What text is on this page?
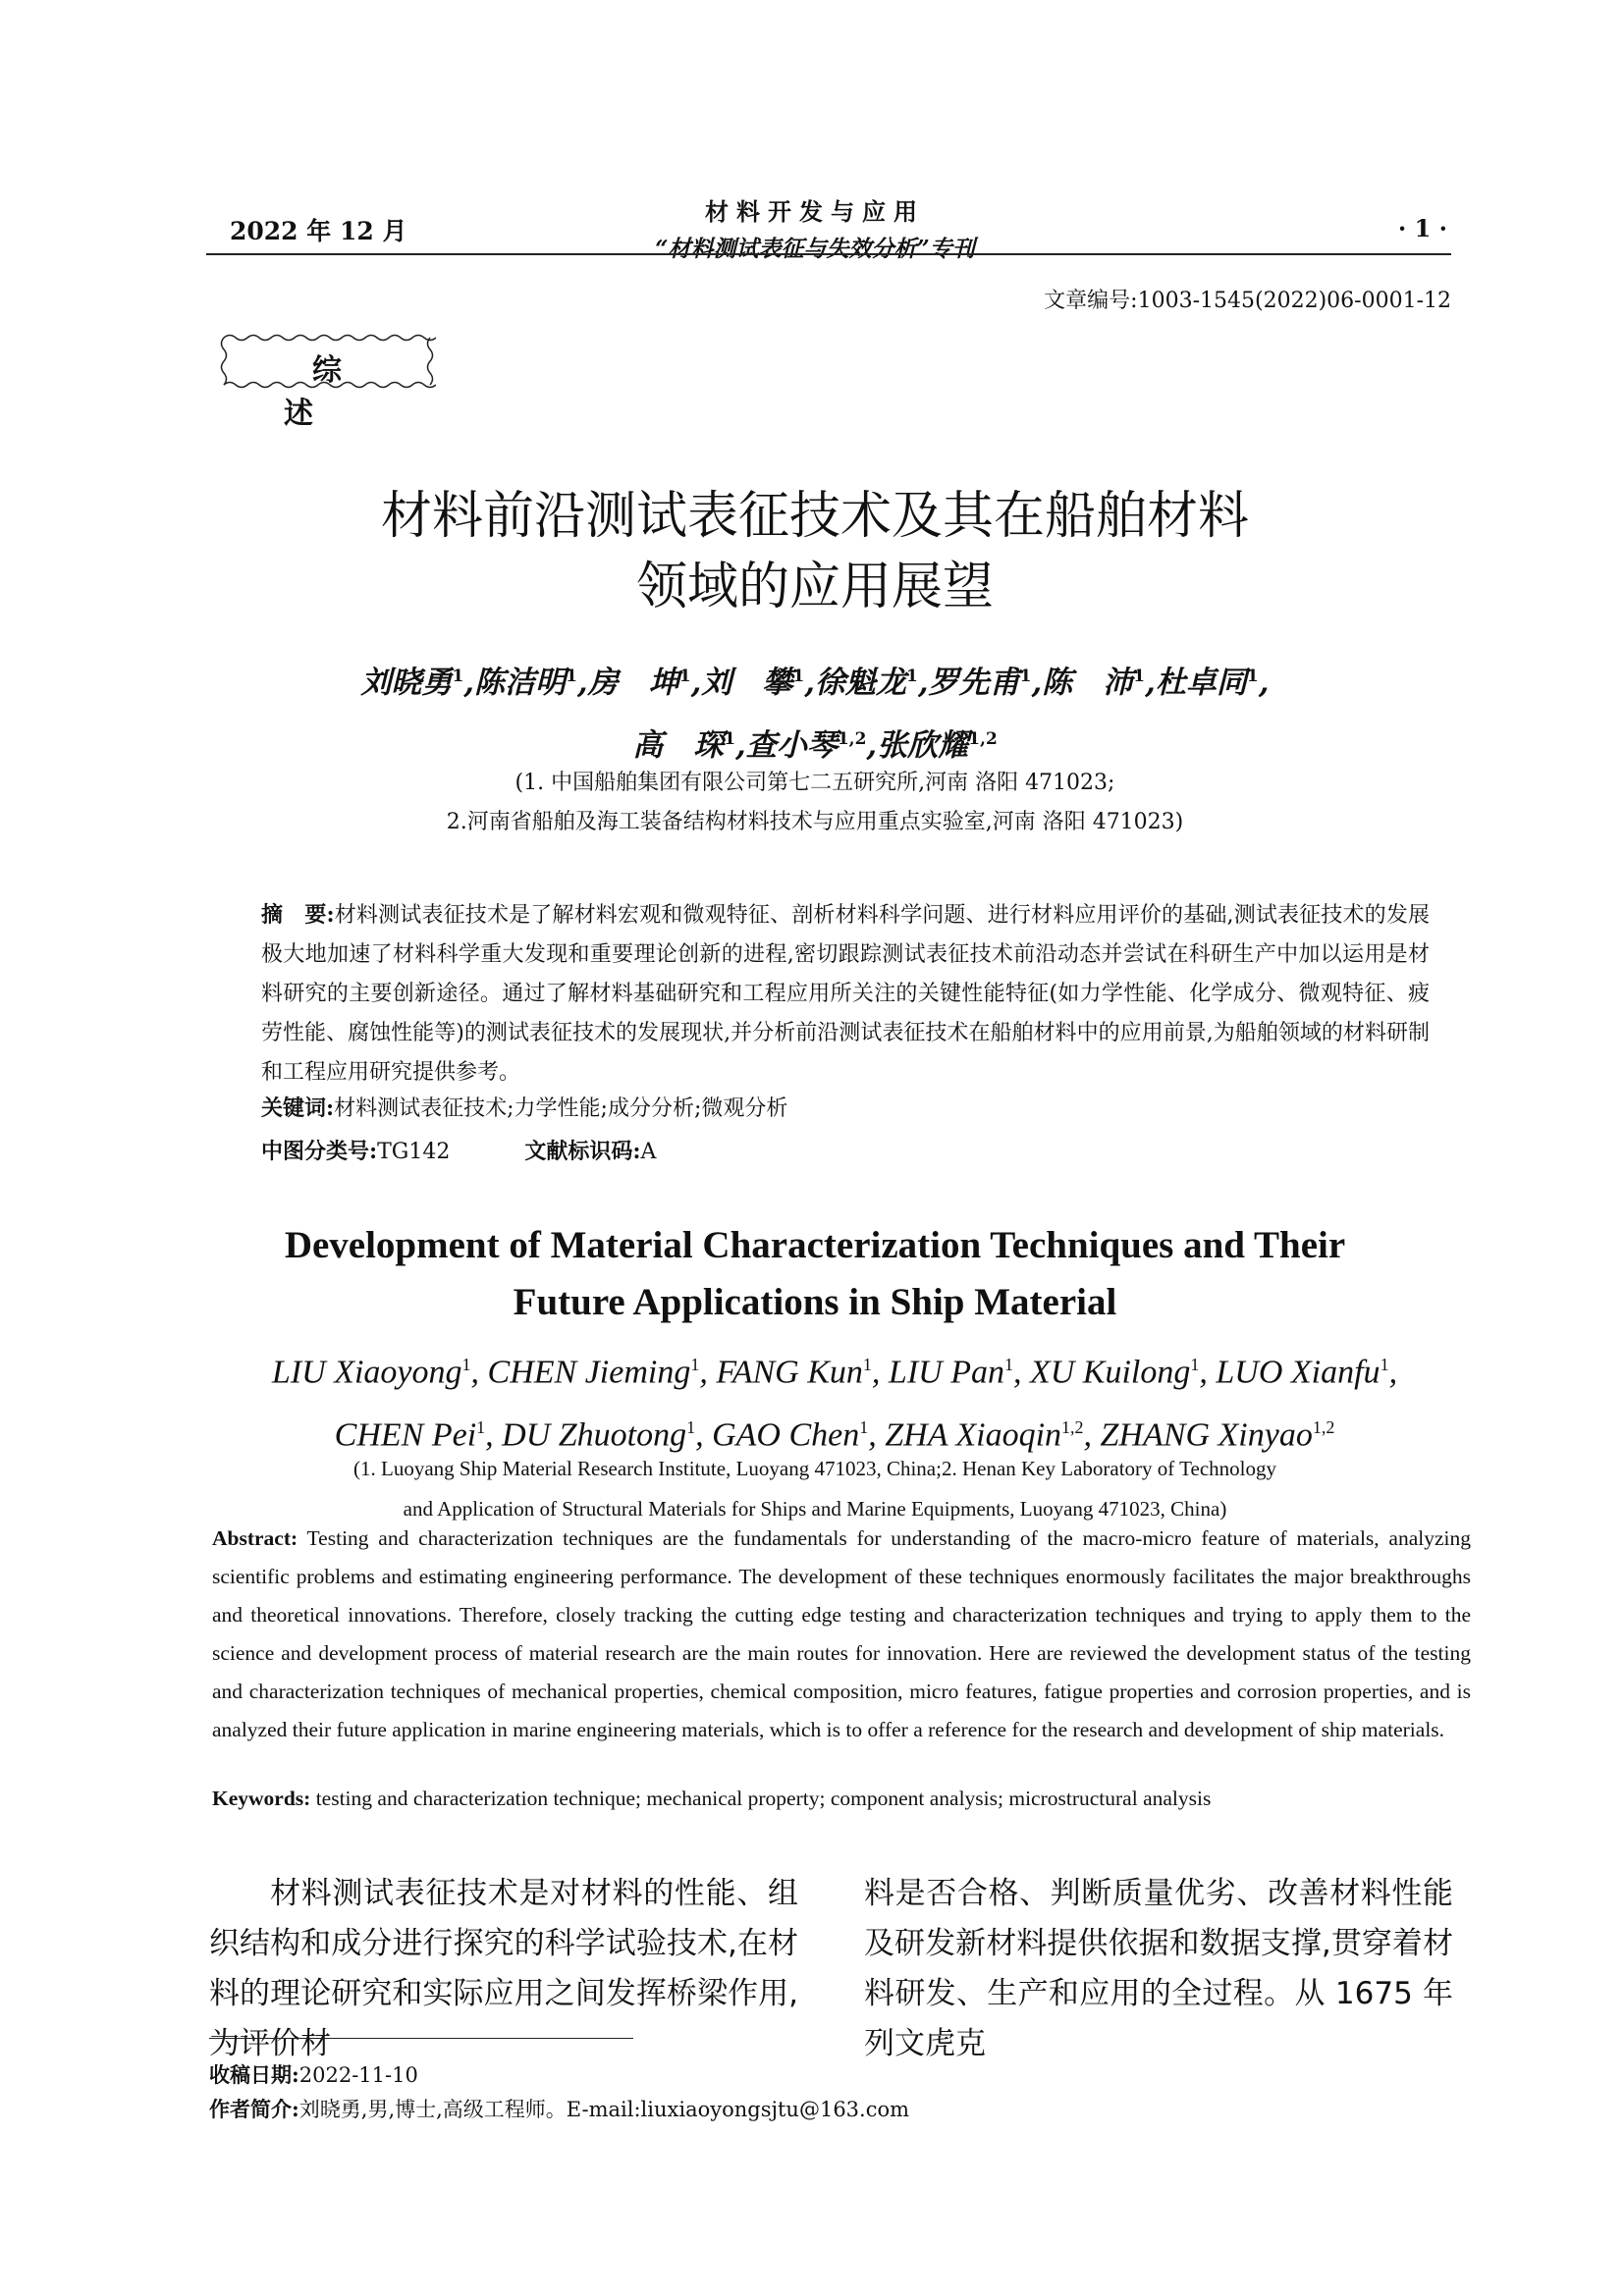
2022 年 12 月
材料开发与应用
“材料测试表征与失效分析”专刊
· 1 ·
文章编号:1003-1545(2022)06-0001-12
综述
材料前沿测试表征技术及其在船舶材料
领域的应用展望
刘晓勇$^1$,陈洁明$^1$,房　坤$^1$,刘　攀$^1$,徐魁龙$^1$,罗先甫$^1$,陈　沛$^1$,杜卓同$^1$,
高　琛$^1$,查小琴$^{1,2}$,张欣耀$^{1,2}$
(1. 中国船舶集团有限公司第七二五研究所,河南 洛阳 471023;
2.河南省船舶及海工装备结构材料技术与应用重点实验室,河南 洛阳 471023)
摘　要:材料测试表征技术是了解材料宏观和微观特征、剖析材料科学问题、进行材料应用评价的基础,测试表征技术的发展极大地加速了材料科学重大发现和重要理论创新的进程,密切跟踪测试表征技术前沿动态并尝试在科研生产中加以运用是材料研究的主要创新途径。通过了解材料基础研究和工程应用所关注的关键性能特征(如力学性能、化学成分、微观特征、疲劳性能、腐蚀性能等)的测试表征技术的发展现状,并分析前沿测试表征技术在船舶材料中的应用前景,为船舶领域的材料研制和工程应用研究提供参考。
关键词:材料测试表征技术;力学性能;成分分析;微观分析
中图分类号:TG142	文献标识码:A
Development of Material Characterization Techniques and Their
Future Applications in Ship Material
LIU Xiaoyong$^1$, CHEN Jieming$^1$, FANG Kun$^1$, LIU Pan$^1$, XU Kuilong$^1$, LUO Xianfu$^1$,
CHEN Pei$^1$, DU Zhuotong$^1$, GAO Chen$^1$, ZHA Xiaoqin$^{1,2}$, ZHANG Xinyao$^{1,2}$
(1. Luoyang Ship Material Research Institute, Luoyang 471023, China;2. Henan Key Laboratory of Technology
and Application of Structural Materials for Ships and Marine Equipments, Luoyang 471023, China)
Abstract: Testing and characterization techniques are the fundamentals for understanding of the macro-micro feature of materials, analyzing scientific problems and estimating engineering performance. The development of these techniques enormously facilitates the major breakthroughs and theoretical innovations. Therefore, closely tracking the cutting edge testing and characterization techniques and trying to apply them to the science and development process of material research are the main routes for innovation. Here are reviewed the development status of the testing and characterization techniques of mechanical properties, chemical composition, micro features, fatigue properties and corrosion properties, and is analyzed their future application in marine engineering materials, which is to offer a reference for the research and development of ship materials.
Keywords: testing and characterization technique; mechanical property; component analysis; microstructural analysis
材料测试表征技术是对材料的性能、组织结构和成分进行探究的科学试验技术,在材料的理论研究和实际应用之间发挥桥梁作用,为评价材
料是否合格、判断质量优劣、改善材料性能及研发新材料提供依据和数据支撑,贯穿着材料研发、生产和应用的全过程。从 1675 年列文虎克
收稿日期:2022-11-10
作者简介:刘晓勇,男,博士,高级工程师。E-mail:liuxiaoyongsjtu@163.com
